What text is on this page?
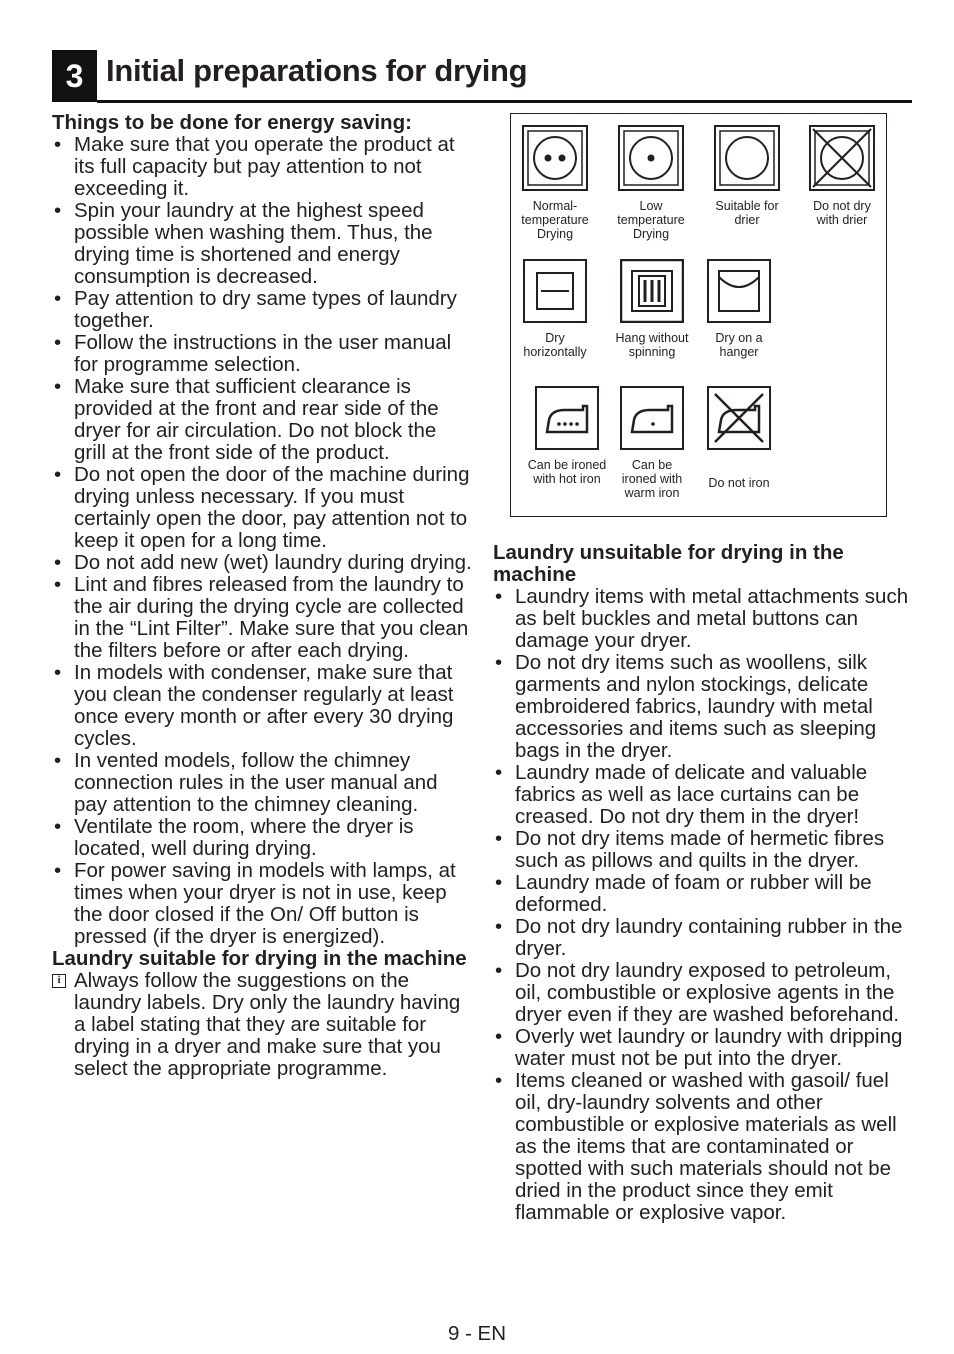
3 Initial preparations for drying
Things to be done for energy saving:
• Make sure that you operate the product at its full capacity but pay attention to not exceeding it.
• Spin your laundry at the highest speed possible when washing them. Thus, the drying time is shortened and energy consumption is decreased.
• Pay attention to dry same types of laundry together.
• Follow the instructions in the user manual for programme selection.
• Make sure that sufficient clearance is provided at the front and rear side of the dryer for air circulation. Do not block the grill at the front side of the product.
• Do not open the door of the machine during drying unless necessary. If you must certainly open the door, pay attention not to keep it open for a long time.
• Do not add new (wet) laundry during drying.
• Lint and fibres released from the laundry to the air during the drying cycle are collected in the “Lint Filter”. Make sure that you clean the filters before or after each drying.
• In models with condenser, make sure that you clean the condenser regularly at least once every month or after every 30 drying cycles.
• In vented models, follow the chimney connection rules in the user manual and pay attention to the chimney cleaning.
• Ventilate the room, where the dryer is located, well during drying.
• For power saving in models with lamps, at times when your dryer is not in use, keep the door closed if the On/ Off button is pressed (if the dryer is energized).
Laundry suitable for drying in the machine
i Always follow the suggestions on the laundry labels. Dry only the laundry having a label stating that they are suitable for drying in a dryer and make sure that you select the appropriate programme.
Normal- temperature Drying
Low temperature Drying
Suitable for drier
Do not dry with drier
Dry horizontally
Hang without spinning
Dry on a hanger
Can be ironed with hot iron
Can be ironed with warm iron
Do not iron
Laundry unsuitable for drying in the machine
• Laundry items with metal attachments such as belt buckles and metal buttons can damage your dryer.
• Do not dry items such as woollens, silk garments and nylon stockings, delicate embroidered fabrics, laundry with metal accessories and items such as sleeping bags in the dryer.
• Laundry made of delicate and valuable fabrics as well as lace curtains can be creased. Do not dry them in the dryer!
• Do not dry items made of hermetic fibres such as pillows and quilts in the dryer.
• Laundry made of foam or rubber will be deformed.
• Do not dry laundry containing rubber in the dryer.
• Do not dry laundry exposed to petroleum, oil, combustible or explosive agents in the dryer even if they are washed beforehand.
• Overly wet laundry or laundry with dripping water must not be put into the dryer.
• Items cleaned or washed with gasoil/ fuel oil, dry-laundry solvents and other combustible or explosive materials as well as the items that are contaminated or spotted with such materials should not be dried in the product since they emit flammable or explosive vapor.
9 - EN
